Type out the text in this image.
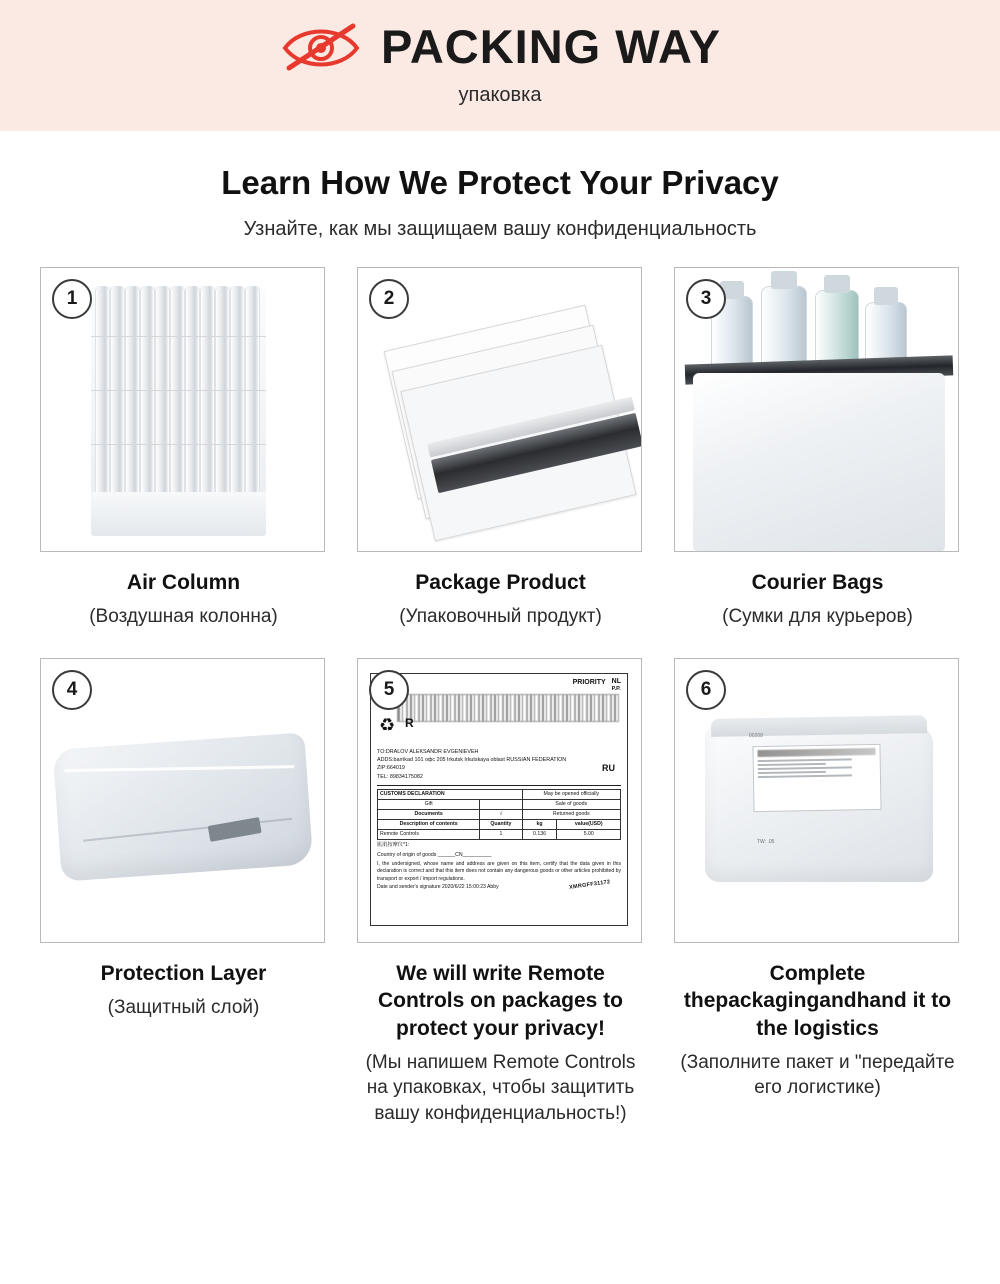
PACKING WAY
упаковка
Learn How We Protect Your Privacy
Узнайте, как мы защищаем вашу конфиденциальность
1
Air Column
(Воздушная колонна)
2
Package Product
(Упаковочный продукт)
3
Courier Bags
(Сумки для курьеров)
4
Protection Layer
(Защитный слой)
5	PRIORITY NL
P.P.
♻ R
TO:DRALOV ALEKSANDR EVGENIEVEH
ADDS:barrikad 101 офс 205 Irkutsk Irkutskaya oblast RUSSIAN FEDERATION
ZIP:664019
TEL: 89834175082
RU
CUSTOMS DECLARATION		May be opened officially	
Gift		Sale of goods	
Documents	√	Returned goods	
Description of contents	Quantity	kg	value(USD)
Remote Controls	1	0.136	5.00
肌肌按摩仪*1:
Country of origin of goods ______CN__________
I, the undersigned, whose name and address are given on this item, certify that the data given in this declaration is correct and that this item does not contain any dangerous goods or other articles prohibited by transport or export / import regulations.
Date and sender's signature 2020/6/22 15:00:23 Abby	XMRGFF31172
We will write Remote Controls on packages to protect your privacy!
(Мы напишем Remote Controls на упаковках, чтобы защитить вашу конфиденциальность!)
6
00208
TW: .05
Complete thepackagingandhand it to the logistics
(Заполните пакет и "передайте его логистике)
